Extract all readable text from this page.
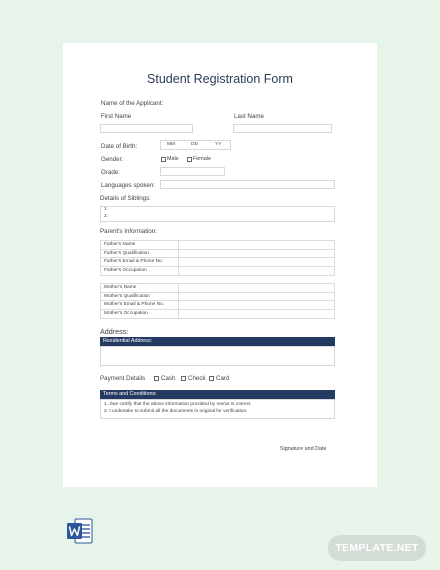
Student Registration Form
Name of the Applicant:
First Name	Last Name
Date of Birth:	MM	DD	YY
Gender:	Male	Female
Grade:
Languages spoken:
Details of Siblings:
1.
2.
Parent's Information:
Father's Name
Father's Qualification
Father's Email & Phone No.
Father's Occupation
Mother's Name
Mother's Qualification
Mother's Email & Phone No.
Mother's Occupation
Address:
Residential Address:
Payment Details	Cash Check Card
Terms and Conditions:
1. I/we certify that the above information provided by me/us is correct.
2. I undertake to submit all the documents in original for verification.
Signature and Date
TEMPLATE.NET
